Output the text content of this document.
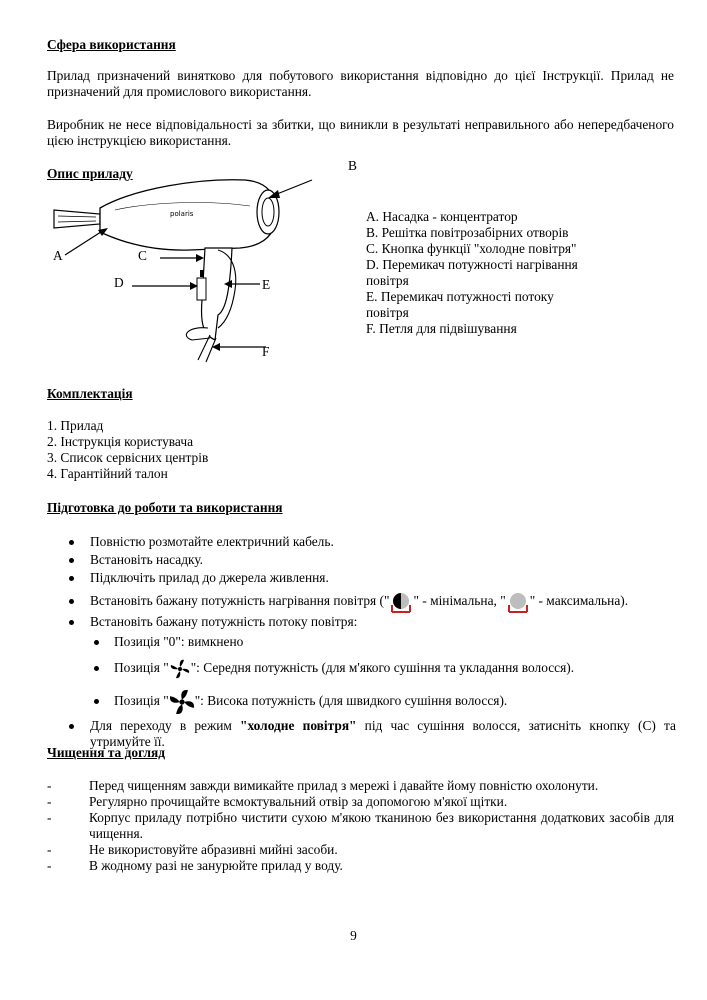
Сфера використання
Прилад призначений винятково для побутового використання відповідно до цієї Інструкції. Прилад не призначений для промислового використання.
Виробник не несе відповідальності за збитки, що виникли в результаті неправильного або непередбаченого цією інструкцією використання.
Опис приладу
polaris
A
B
C
D	E
F
A. Насадка - концентратор
B. Решітка повітрозабірних отворів
C. Кнопка функції "холодне повітря"
D. Перемикач потужності нагрівання
повітря
E. Перемикач потужності потоку
повітря
F. Петля для підвішування
Комплектація
1. Прилад
2. Інструкція користувача
3. Список сервісних центрів
4. Гарантійний талон
Підготовка до роботи та використання
Повністю розмотайте електричний кабель.
Встановіть насадку.
Підключіть прилад до джерела живлення.
Встановіть бажану потужність нагрівання повітря (" " - мінімальна, " " - максимальна).
Встановіть бажану потужність потоку повітря:
Позиція "0": вимкнено
Позиція " ": Середня потужність (для м'якого сушіння та укладання волосся).
Позиція " ": Висока потужність (для швидкого сушіння волосся).
Для переходу в режим "холодне повітря" під час сушіння волосся, затисніть кнопку (С) та утримуйте її.
Чищення та догляд
-	Перед чищенням завжди вимикайте прилад з мережі і давайте йому повністю охолонути.
-	Регулярно прочищайте всмоктувальний отвір за допомогою м'якої щітки.
-	Корпус приладу потрібно чистити сухою м'якою тканиною без використання додаткових засобів для чищення.
-	Не використовуйте абразивні мийні засоби.
-	В жодному разі не занурюйте прилад у воду.
9
